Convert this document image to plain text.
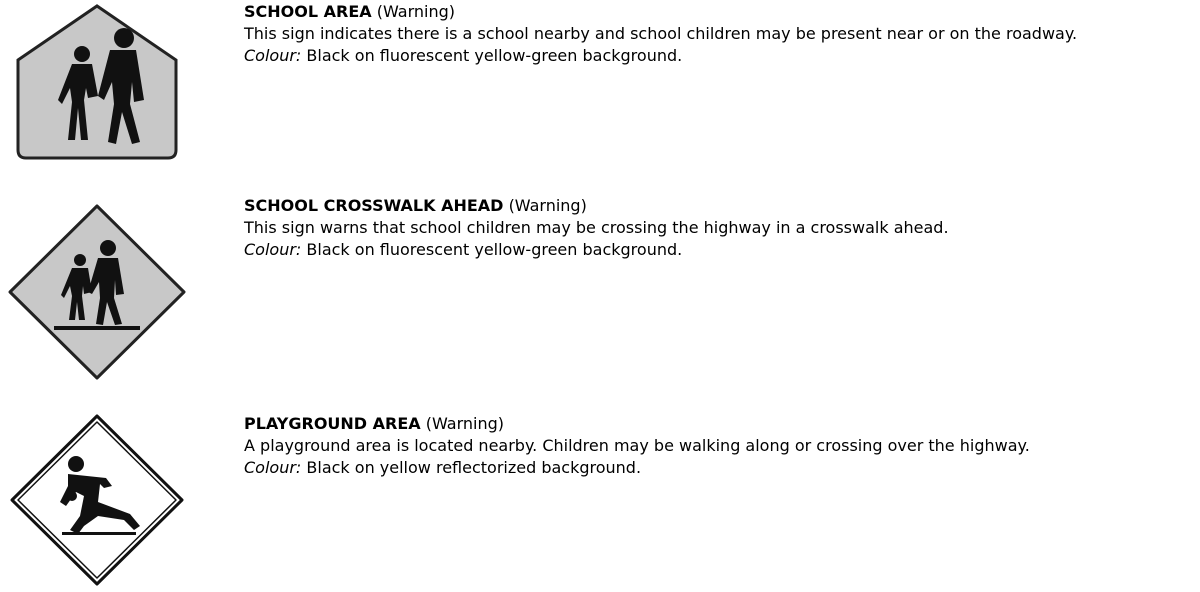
SCHOOL AREA (Warning)

This sign indicates there is a school nearby and school children may be present near or on the roadway.

Colour: Black on fluorescent yellow-green background.

SCHOOL CROSSWALK AHEAD (Warning)

This sign warns that school children may be crossing the highway in a crosswalk ahead.

Colour: Black on fluorescent yellow-green background.

PLAYGROUND AREA (Warning)

A playground area is located nearby. Children may be walking along or crossing over the highway.

Colour: Black on yellow reflectorized background.
